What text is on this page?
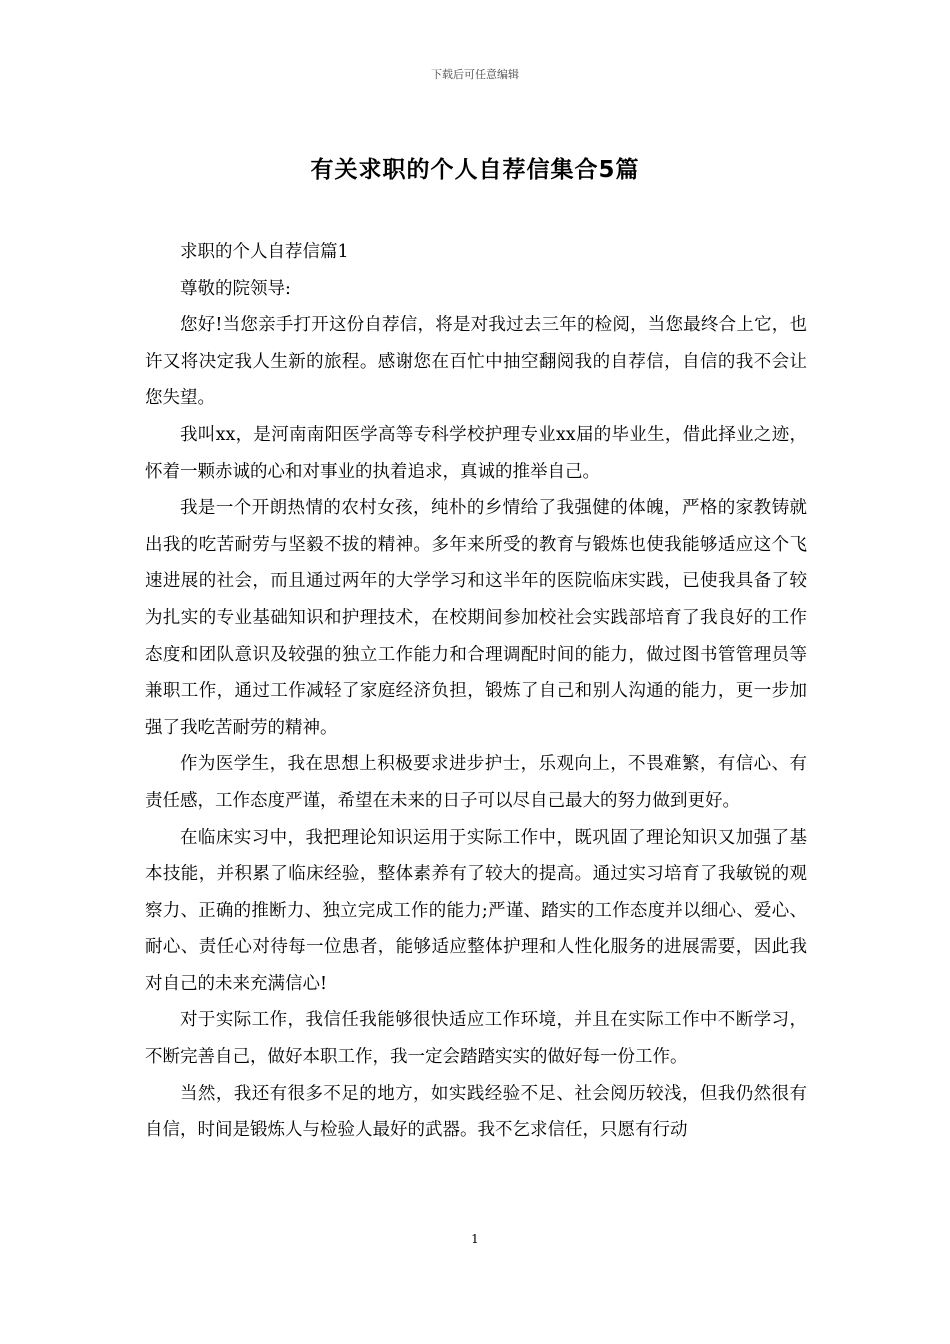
下载后可任意编辑
有关求职的个人自荐信集合5篇

求职的个人自荐信篇1

尊敬的院领导:

您好!当您亲手打开这份自荐信，将是对我过去三年的检阅，当您最终合上它，也许又将决定我人生新的旅程。感谢您在百忙中抽空翻阅我的自荐信，自信的我不会让您失望。

我叫xx，是河南南阳医学高等专科学校护理专业xx届的毕业生，借此择业之迹，怀着一颗赤诚的心和对事业的执着追求，真诚的推举自己。

我是一个开朗热情的农村女孩，纯朴的乡情给了我强健的体魄，严格的家教铸就出我的吃苦耐劳与坚毅不拔的精神。多年来所受的教育与锻炼也使我能够适应这个飞速进展的社会，而且通过两年的大学学习和这半年的医院临床实践，已使我具备了较为扎实的专业基础知识和护理技术，在校期间参加校社会实践部培育了我良好的工作态度和团队意识及较强的独立工作能力和合理调配时间的能力，做过图书管管理员等兼职工作，通过工作减轻了家庭经济负担，锻炼了自己和别人沟通的能力，更一步加强了我吃苦耐劳的精神。

作为医学生，我在思想上积极要求进步护士，乐观向上，不畏难繁，有信心、有责任感，工作态度严谨，希望在未来的日子可以尽自己最大的努力做到更好。

在临床实习中，我把理论知识运用于实际工作中，既巩固了理论知识又加强了基本技能，并积累了临床经验，整体素养有了较大的提高。通过实习培育了我敏锐的观察力、正确的推断力、独立完成工作的能力;严谨、踏实的工作态度并以细心、爱心、耐心、责任心对待每一位患者，能够适应整体护理和人性化服务的进展需要，因此我对自己的未来充满信心!

对于实际工作，我信任我能够很快适应工作环境，并且在实际工作中不断学习，不断完善自己，做好本职工作，我一定会踏踏实实的做好每一份工作。

当然，我还有很多不足的地方，如实践经验不足、社会阅历较浅，但我仍然很有自信，时间是锻炼人与检验人最好的武器。我不乞求信任，只愿有行动

1
